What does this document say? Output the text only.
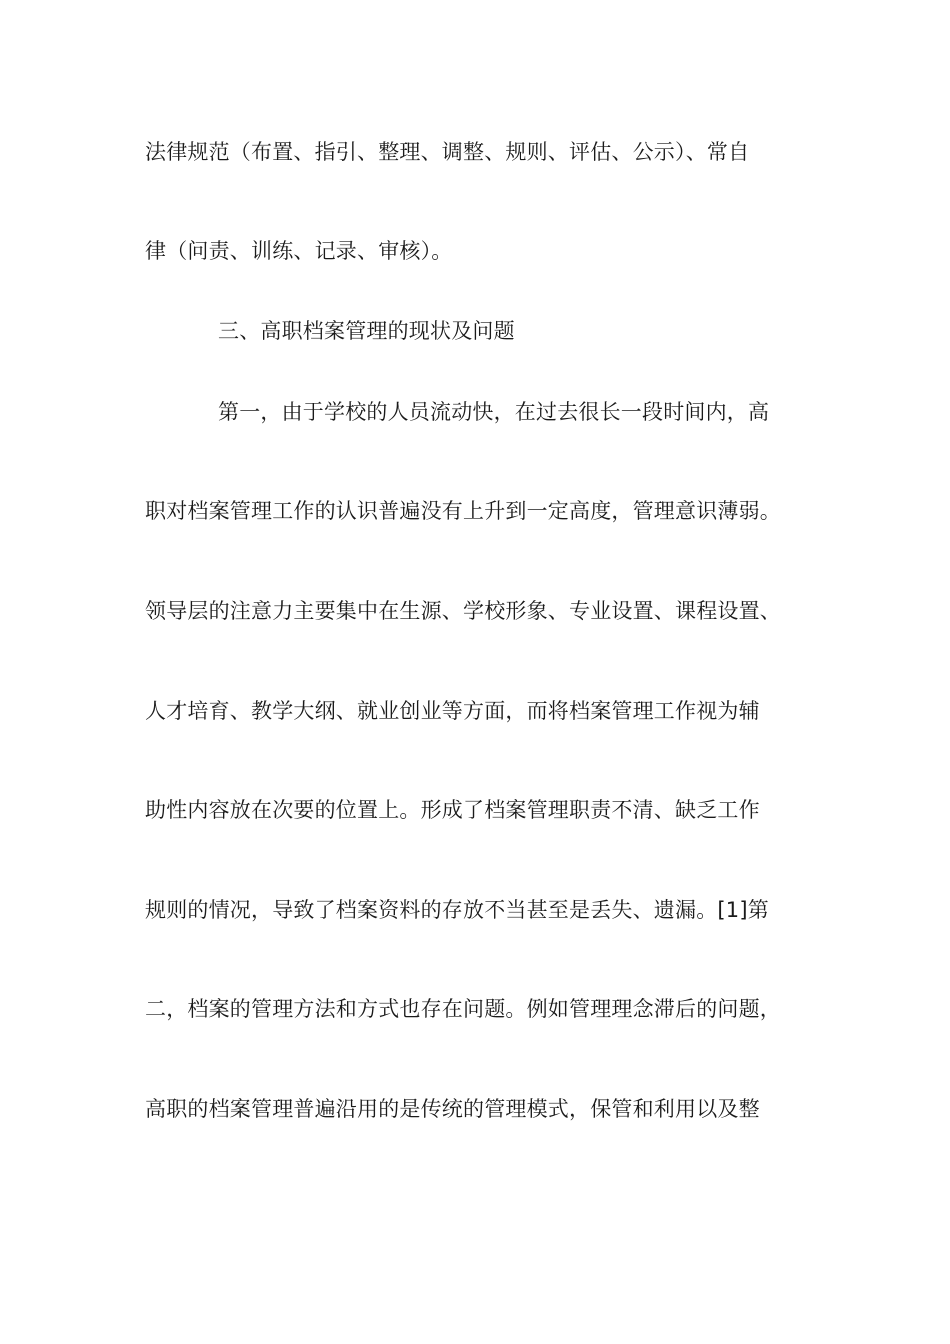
法律规范（布置、指引、整理、调整、规则、评估、公示）、常自
律（问责、训练、记录、审核）。
三、高职档案管理的现状及问题
第一，由于学校的人员流动快，在过去很长一段时间内，高
职对档案管理工作的认识普遍没有上升到一定高度，管理意识薄弱。
领导层的注意力主要集中在生源、学校形象、专业设置、课程设置、
人才培育、教学大纲、就业创业等方面，而将档案管理工作视为辅
助性内容放在次要的位置上。形成了档案管理职责不清、缺乏工作
规则的情况，导致了档案资料的存放不当甚至是丢失、遗漏。[1]第
二，档案的管理方法和方式也存在问题。例如管理理念滞后的问题，
高职的档案管理普遍沿用的是传统的管理模式，保管和利用以及整
